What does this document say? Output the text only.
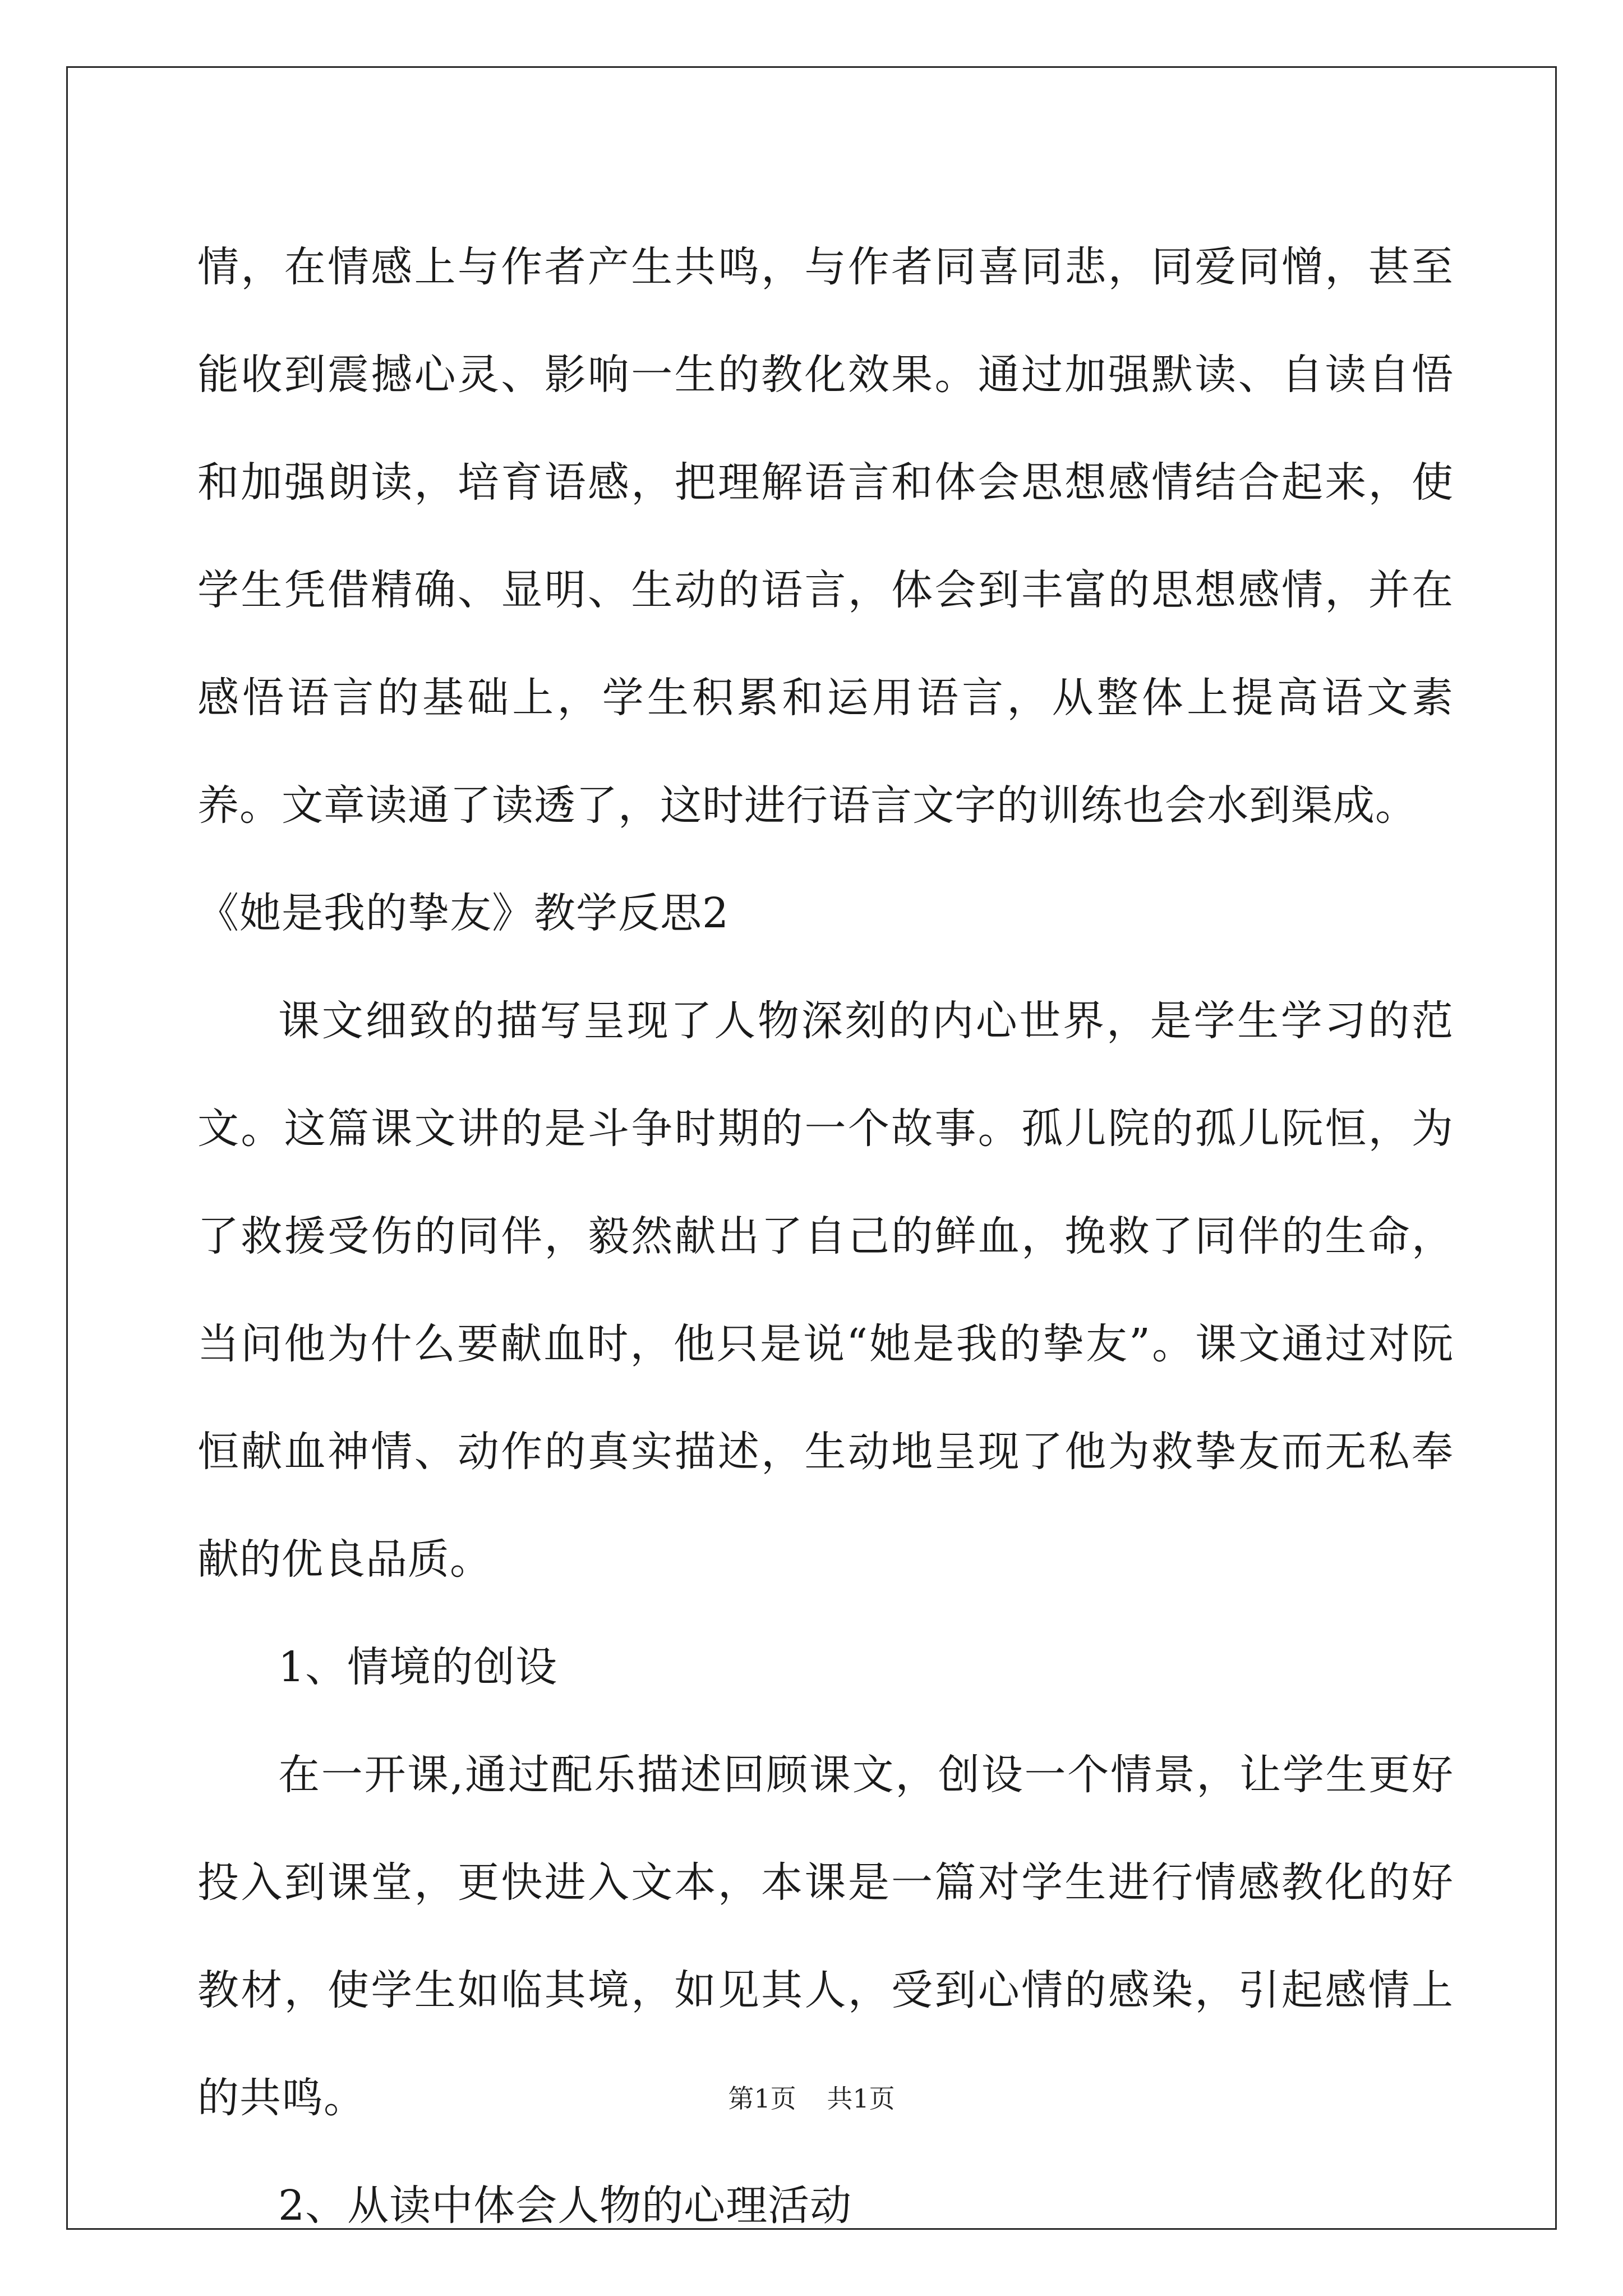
情，在情感上与作者产生共鸣，与作者同喜同悲，同爱同憎，甚至能收到震撼心灵、影响一生的教化效果。通过加强默读、自读自悟和加强朗读，培育语感，把理解语言和体会思想感情结合起来，使学生凭借精确、显明、生动的语言，体会到丰富的思想感情，并在感悟语言的基础上，学生积累和运用语言，从整体上提高语文素养。文章读通了读透了，这时进行语言文字的训练也会水到渠成。

《她是我的挚友》教学反思2

课文细致的描写呈现了人物深刻的内心世界，是学生学习的范文。这篇课文讲的是斗争时期的一个故事。孤儿院的孤儿阮恒，为了救援受伤的同伴，毅然献出了自己的鲜血，挽救了同伴的生命，当问他为什么要献血时，他只是说“她是我的挚友”。课文通过对阮恒献血神情、动作的真实描述，生动地呈现了他为救挚友而无私奉献的优良品质。

1、情境的创设

在一开课,通过配乐描述回顾课文，创设一个情景，让学生更好投入到课堂，更快进入文本，本课是一篇对学生进行情感教化的好教材，使学生如临其境，如见其人，受到心情的感染，引起感情上的共鸣。

2、从读中体会人物的心理活动

第1页 共1页
